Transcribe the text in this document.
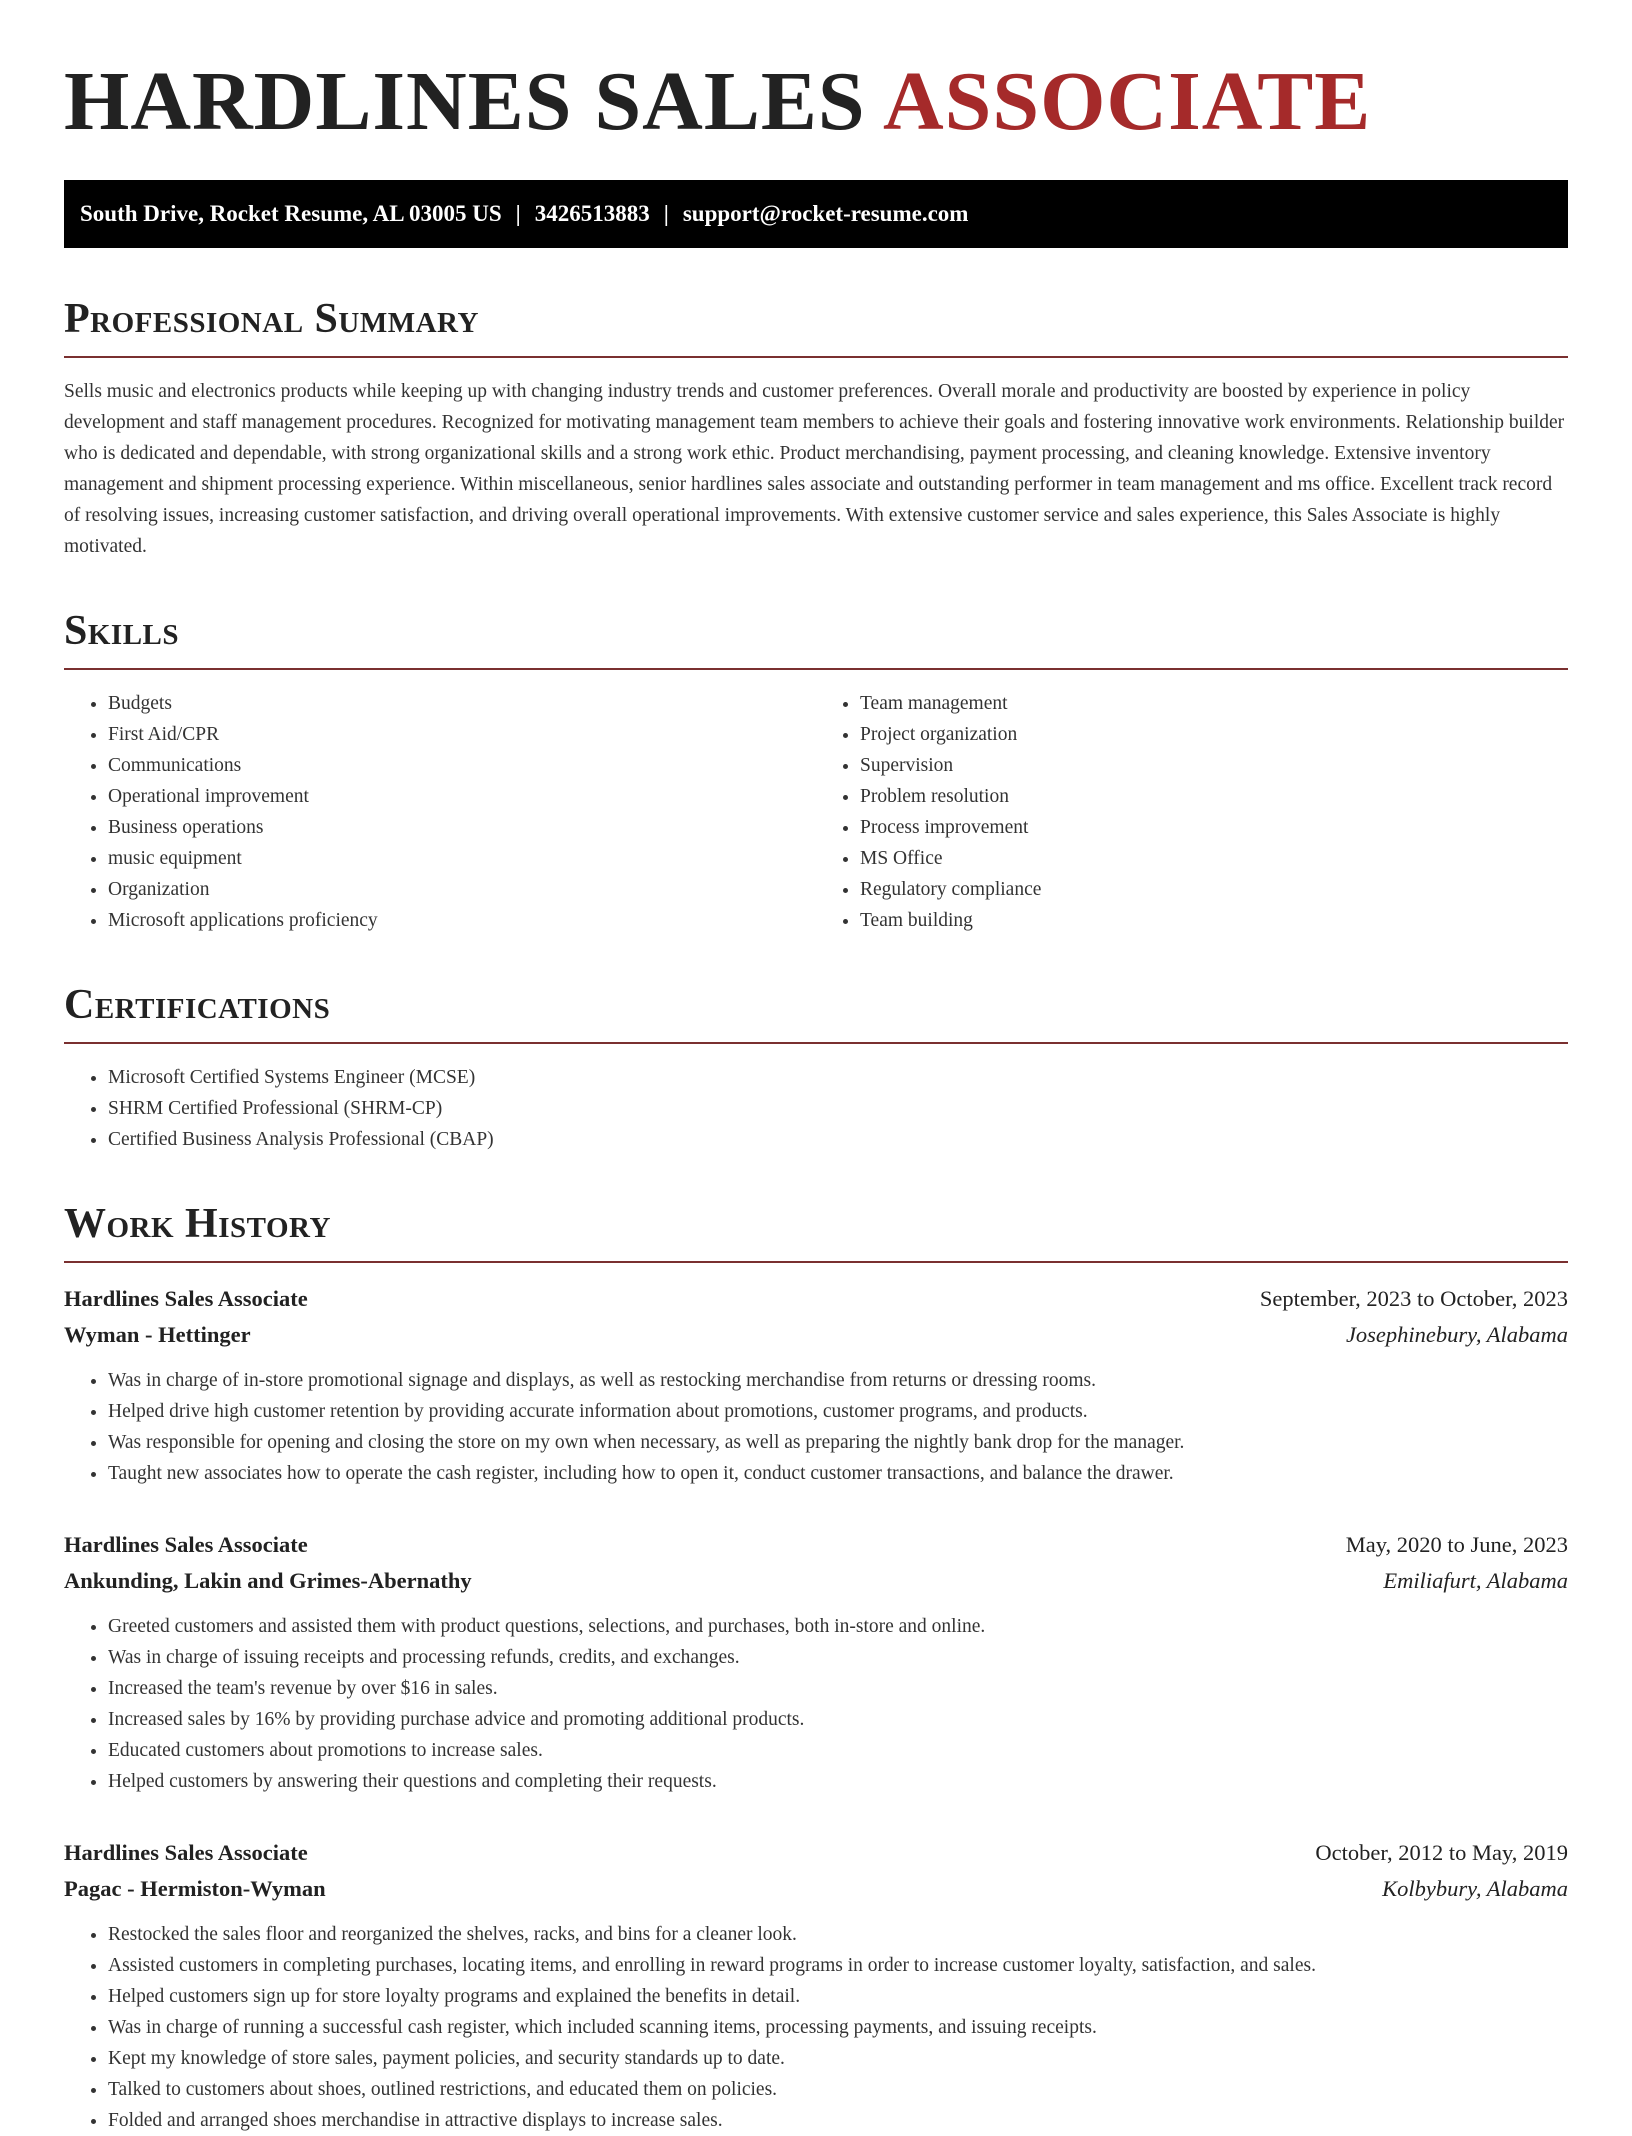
HARDLINES SALES ASSOCIATE
South Drive, Rocket Resume, AL 03005 US | 3426513883 | support@rocket-resume.com
Professional Summary

Sells music and electronics products while keeping up with changing industry trends and customer preferences. Overall morale and productivity are boosted by experience in policy development and staff management procedures. Recognized for motivating management team members to achieve their goals and fostering innovative work environments. Relationship builder who is dedicated and dependable, with strong organizational skills and a strong work ethic. Product merchandising, payment processing, and cleaning knowledge. Extensive inventory management and shipment processing experience. Within miscellaneous, senior hardlines sales associate and outstanding performer in team management and ms office. Excellent track record of resolving issues, increasing customer satisfaction, and driving overall operational improvements. With extensive customer service and sales experience, this Sales Associate is highly motivated.

Skills
• Budgets
• First Aid/CPR
• Communications
• Operational improvement
• Business operations
• music equipment
• Organization
• Microsoft applications proficiency
• Team management
• Project organization
• Supervision
• Problem resolution
• Process improvement
• MS Office
• Regulatory compliance
• Team building
Certifications
• Microsoft Certified Systems Engineer (MCSE)
• SHRM Certified Professional (SHRM-CP)
• Certified Business Analysis Professional (CBAP)
Work History
Hardlines Sales Associate	September, 2023 to October, 2023
Wyman - Hettinger	Josephinebury, Alabama
• Was in charge of in-store promotional signage and displays, as well as restocking merchandise from returns or dressing rooms.
• Helped drive high customer retention by providing accurate information about promotions, customer programs, and products.
• Was responsible for opening and closing the store on my own when necessary, as well as preparing the nightly bank drop for the manager.
• Taught new associates how to operate the cash register, including how to open it, conduct customer transactions, and balance the drawer.
Hardlines Sales Associate	May, 2020 to June, 2023
Ankunding, Lakin and Grimes-Abernathy	Emiliafurt, Alabama
• Greeted customers and assisted them with product questions, selections, and purchases, both in-store and online.
• Was in charge of issuing receipts and processing refunds, credits, and exchanges.
• Increased the team's revenue by over $16 in sales.
• Increased sales by 16% by providing purchase advice and promoting additional products.
• Educated customers about promotions to increase sales.
• Helped customers by answering their questions and completing their requests.
Hardlines Sales Associate	October, 2012 to May, 2019
Pagac - Hermiston-Wyman	Kolbybury, Alabama
• Restocked the sales floor and reorganized the shelves, racks, and bins for a cleaner look.
• Assisted customers in completing purchases, locating items, and enrolling in reward programs in order to increase customer loyalty, satisfaction, and sales.
• Helped customers sign up for store loyalty programs and explained the benefits in detail.
• Was in charge of running a successful cash register, which included scanning items, processing payments, and issuing receipts.
• Kept my knowledge of store sales, payment policies, and security standards up to date.
• Talked to customers about shoes, outlined restrictions, and educated them on policies.
• Folded and arranged shoes merchandise in attractive displays to increase sales.
